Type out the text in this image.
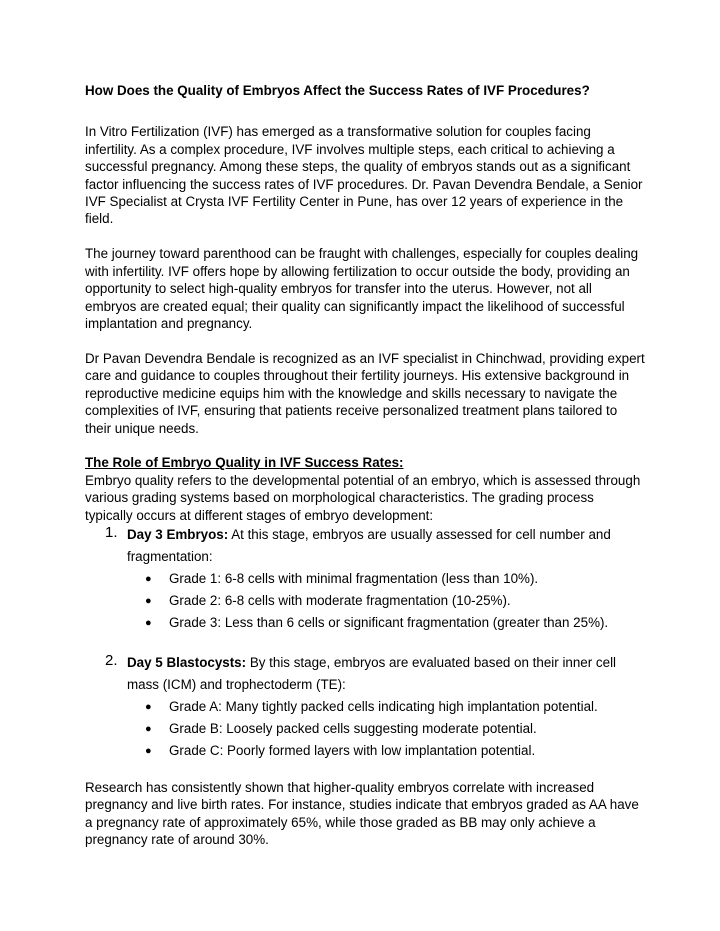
How Does the Quality of Embryos Affect the Success Rates of IVF Procedures?

In Vitro Fertilization (IVF) has emerged as a transformative solution for couples facing infertility. As a complex procedure, IVF involves multiple steps, each critical to achieving a successful pregnancy. Among these steps, the quality of embryos stands out as a significant factor influencing the success rates of IVF procedures. Dr. Pavan Devendra Bendale, a Senior IVF Specialist at Crysta IVF Fertility Center in Pune, has over 12 years of experience in the field.

The journey toward parenthood can be fraught with challenges, especially for couples dealing with infertility. IVF offers hope by allowing fertilization to occur outside the body, providing an opportunity to select high-quality embryos for transfer into the uterus. However, not all embryos are created equal; their quality can significantly impact the likelihood of successful implantation and pregnancy.

Dr Pavan Devendra Bendale is recognized as an IVF specialist in Chinchwad, providing expert care and guidance to couples throughout their fertility journeys. His extensive background in reproductive medicine equips him with the knowledge and skills necessary to navigate the complexities of IVF, ensuring that patients receive personalized treatment plans tailored to their unique needs.

The Role of Embryo Quality in IVF Success Rates:

Embryo quality refers to the developmental potential of an embryo, which is assessed through various grading systems based on morphological characteristics. The grading process typically occurs at different stages of embryo development:

1. Day 3 Embryos: At this stage, embryos are usually assessed for cell number and fragmentation:
● Grade 1: 6-8 cells with minimal fragmentation (less than 10%).
● Grade 2: 6-8 cells with moderate fragmentation (10-25%).
● Grade 3: Less than 6 cells or significant fragmentation (greater than 25%).
2. Day 5 Blastocysts: By this stage, embryos are evaluated based on their inner cell mass (ICM) and trophectoderm (TE):
● Grade A: Many tightly packed cells indicating high implantation potential.
● Grade B: Loosely packed cells suggesting moderate potential.
● Grade C: Poorly formed layers with low implantation potential.

Research has consistently shown that higher-quality embryos correlate with increased pregnancy and live birth rates. For instance, studies indicate that embryos graded as AA have a pregnancy rate of approximately 65%, while those graded as BB may only achieve a pregnancy rate of around 30%.
